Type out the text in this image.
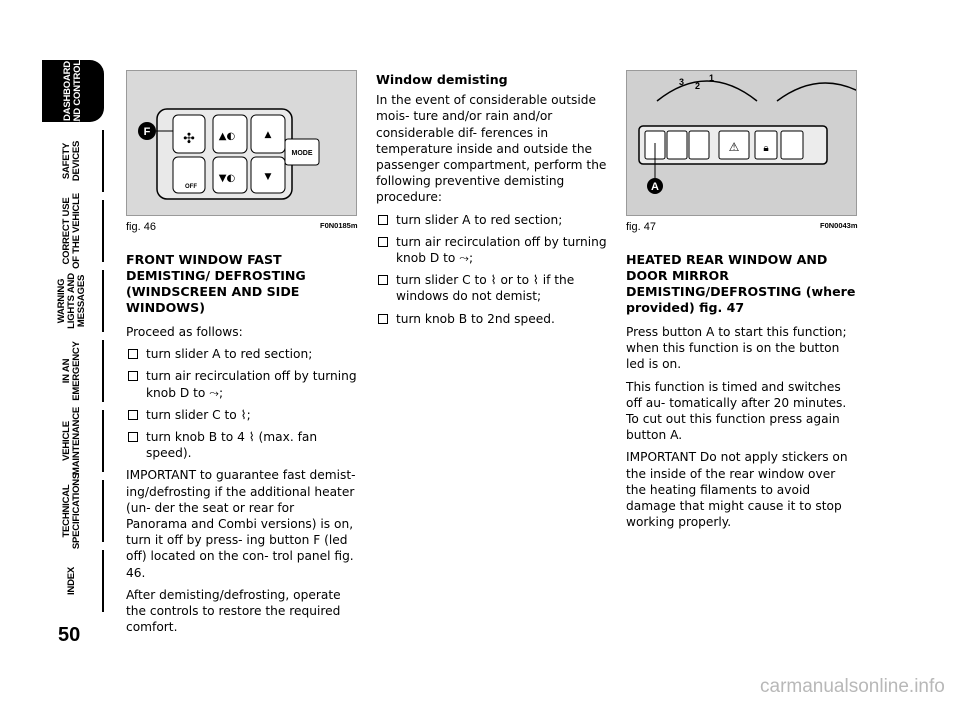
DASHBOARD AND CONTROLS
SAFETY DEVICES
CORRECT USE OF THE VEHICLE
WARNING LIGHTS AND MESSAGES
IN AN EMERGENCY
VEHICLE MAINTENANCE
TECHNICAL SPECIFICATIONS
INDEX
50
MODE
OFF
F	▲◐
▼◐
▲
▼
✣
fig. 46	F0N0185m
3 2
1
⚠ 🔒︎
A
fig. 47	F0N0043m
FRONT WINDOW FAST DEMISTING/ DEFROSTING (WINDSCREEN AND SIDE WINDOWS)

Proceed as follows:

turn slider A to red section;
turn air recirculation off by turning knob D to ⤳;
turn slider C to ⌇;
turn knob B to 4 ⌇ (max. fan speed).

IMPORTANT to guarantee fast demist- ing/defrosting if the additional heater (un- der the seat or rear for Panorama and Combi versions) is on, turn it off by press- ing button F (led off) located on the con- trol panel fig. 46.

After demisting/defrosting, operate the controls to restore the required comfort.

Window demisting

In the event of considerable outside mois- ture and/or rain and/or considerable dif- ferences in temperature inside and outside the passenger compartment, perform the following preventive demisting procedure:

turn slider A to red section;
turn air recirculation off by turning knob D to ⤳;
turn slider C to ⌇ or to ⌇ if the windows do not demist;
turn knob B to 2nd speed.
HEATED REAR WINDOW AND DOOR MIRROR DEMISTING/DEFROSTING (where provided) fig. 47

Press button A to start this function; when this function is on the button led is on.

This function is timed and switches off au- tomatically after 20 minutes. To cut out this function press again button A.

IMPORTANT Do not apply stickers on the inside of the rear window over the heating filaments to avoid damage that might cause it to stop working properly.

carmanualsonline.info
